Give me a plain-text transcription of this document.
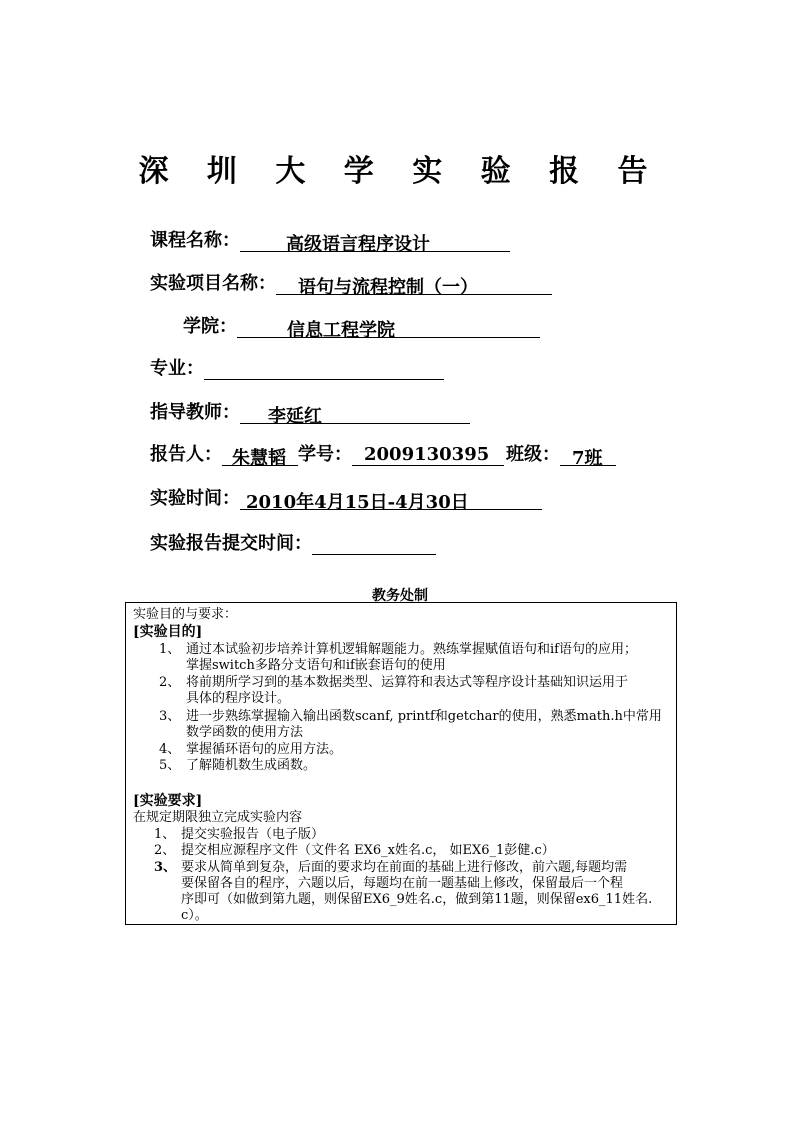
深 圳 大 学 实 验 报 告
课程名称：	高级语言程序设计
实验项目名称： 语句与流程控制（一）
学院：	信息工程学院
专业：
指导教师： 李延红
报告人： 朱慧韬 学号： 2009130395 班级： 7班
实验时间： 2010年4月15日-4月30日
实验报告提交时间：
教务处制
实验目的与要求：
[实验目的]
1、 通过本试验初步培养计算机逻辑解题能力。熟练掌握赋值语句和if语句的应用；
掌握switch多路分支语句和if嵌套语句的使用
2、 将前期所学习到的基本数据类型、运算符和表达式等程序设计基础知识运用于
具体的程序设计。
3、 进一步熟练掌握输入输出函数scanf, printf和getchar的使用，熟悉math.h中常用
数学函数的使用方法
4、 掌握循环语句的应用方法。
5、 了解随机数生成函数。
[实验要求]
在规定期限独立完成实验内容
1、 提交实验报告（电子版）
2、 提交相应源程序文件（文件名 EX6_x姓名.c， 如EX6_1彭健.c）
3、 要求从简单到复杂，后面的要求均在前面的基础上进行修改，前六题,每题均需
要保留各自的程序，六题以后，每题均在前一题基础上修改，保留最后一个程
序即可（如做到第九题，则保留EX6_9姓名.c，做到第11题，则保留ex6_11姓名.
c）。
